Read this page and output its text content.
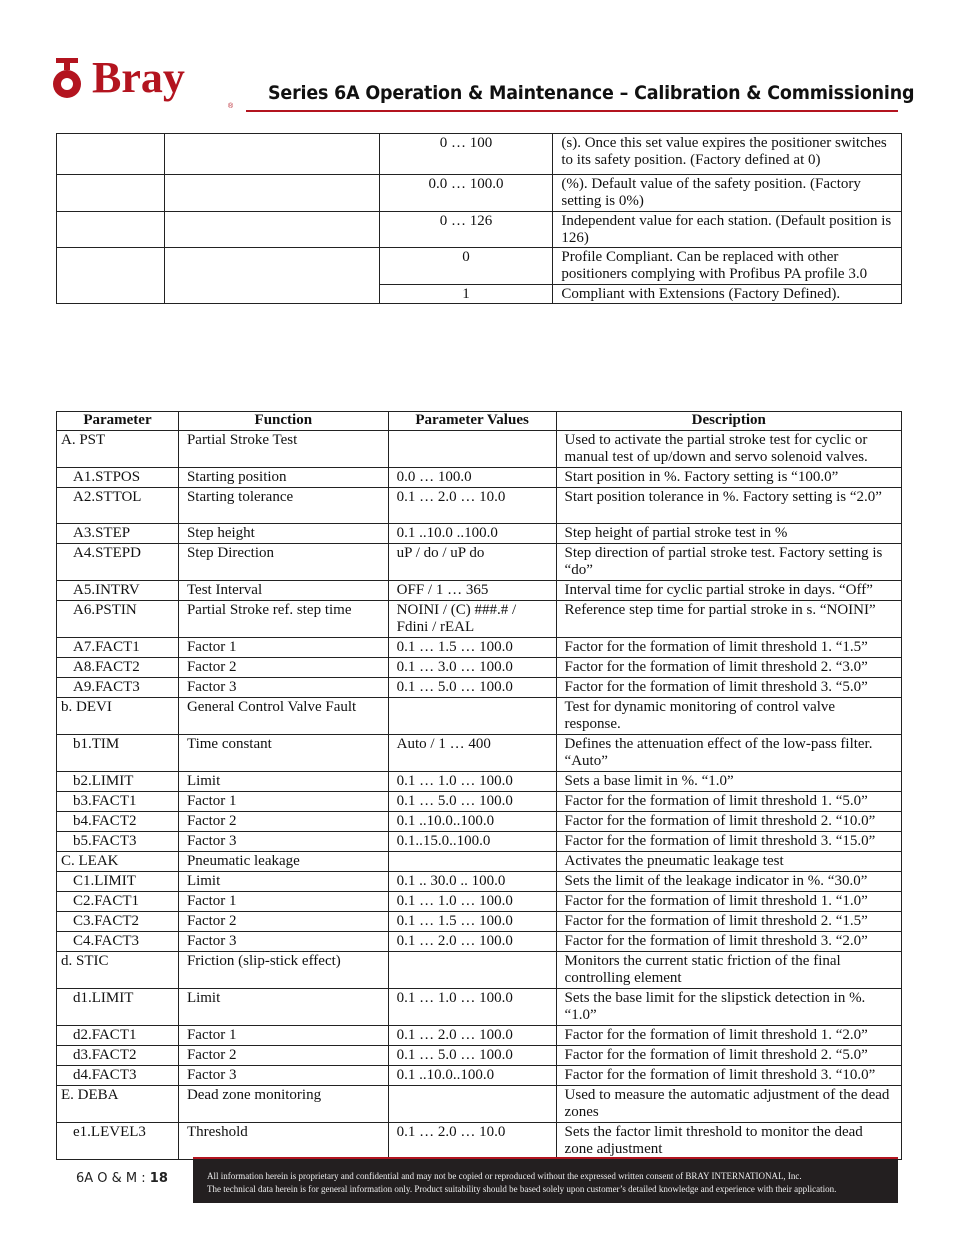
Bray
®
Series 6A Operation & Maintenance – Calibration & Commissioning
		0 … 100	(s). Once this set value expires the positioner switches to its safety position. (Factory defined at 0)
		0.0 … 100.0	(%). Default value of the safety position. (Factory setting is 0%)
		0 … 126	Independent value for each station. (Default position is 126)
		0	Profile Compliant. Can be replaced with other positioners complying with Profibus PA profile 3.0
		1	Compliant with Extensions (Factory Defined).
Parameter	Function	Parameter Values	Description
A. PST	Partial Stroke Test		Used to activate the partial stroke test for cyclic or manual test of up/down and servo solenoid valves.
A1.STPOS	Starting position	0.0 … 100.0	Start position in %. Factory setting is “100.0”
A2.STTOL	Starting tolerance	0.1 … 2.0 … 10.0	Start position tolerance in %. Factory setting is “2.0”
A3.STEP	Step height	0.1 ..10.0 ..100.0	Step height of partial stroke test in %
A4.STEPD	Step Direction	uP / do / uP do	Step direction of partial stroke test. Factory setting is “do”
A5.INTRV	Test Interval	OFF / 1 … 365	Interval time for cyclic partial stroke in days. “Off”
A6.PSTIN	Partial Stroke ref. step time	NOINI / (C) ###.# / Fdini / rEAL	Reference step time for partial stroke in s. “NOINI”
A7.FACT1	Factor 1	0.1 … 1.5 … 100.0	Factor for the formation of limit threshold 1. “1.5”
A8.FACT2	Factor 2	0.1 … 3.0 … 100.0	Factor for the formation of limit threshold 2. “3.0”
A9.FACT3	Factor 3	0.1 … 5.0 … 100.0	Factor for the formation of limit threshold 3. “5.0”
b. DEVI	General Control Valve Fault		Test for dynamic monitoring of control valve response.
b1.TIM	Time constant	Auto / 1 … 400	Defines the attenuation effect of the low-pass filter. “Auto”
b2.LIMIT	Limit	0.1 … 1.0 … 100.0	Sets a base limit in %. “1.0”
b3.FACT1	Factor 1	0.1 … 5.0 … 100.0	Factor for the formation of limit threshold 1. “5.0”
b4.FACT2	Factor 2	0.1 ..10.0..100.0	Factor for the formation of limit threshold 2. “10.0”
b5.FACT3	Factor 3	0.1..15.0..100.0	Factor for the formation of limit threshold 3. “15.0”
C. LEAK	Pneumatic leakage		Activates the pneumatic leakage test
C1.LIMIT	Limit	0.1 .. 30.0 .. 100.0	Sets the limit of the leakage indicator in %. “30.0”
C2.FACT1	Factor 1	0.1 … 1.0 … 100.0	Factor for the formation of limit threshold 1. “1.0”
C3.FACT2	Factor 2	0.1 … 1.5 … 100.0	Factor for the formation of limit threshold 2. “1.5”
C4.FACT3	Factor 3	0.1 … 2.0 … 100.0	Factor for the formation of limit threshold 3. “2.0”
d. STIC	Friction (slip-stick effect)		Monitors the current static friction of the final controlling element
d1.LIMIT	Limit	0.1 … 1.0 … 100.0	Sets the base limit for the slipstick detection in %. “1.0”
d2.FACT1	Factor 1	0.1 … 2.0 … 100.0	Factor for the formation of limit threshold 1. “2.0”
d3.FACT2	Factor 2	0.1 … 5.0 … 100.0	Factor for the formation of limit threshold 2. “5.0”
d4.FACT3	Factor 3	0.1 ..10.0..100.0	Factor for the formation of limit threshold 3. “10.0”
E. DEBA	Dead zone monitoring		Used to measure the automatic adjustment of the dead zones
e1.LEVEL3	Threshold	0.1 … 2.0 … 10.0	Sets the factor limit threshold to monitor the dead zone adjustment
6A O & M : 18	All information herein is proprietary and confidential and may not be copied or reproduced without the expressed written consent of BRAY INTERNATIONAL, Inc.
The technical data herein is for general information only. Product suitability should be based solely upon customer’s detailed knowledge and experience with their application.
